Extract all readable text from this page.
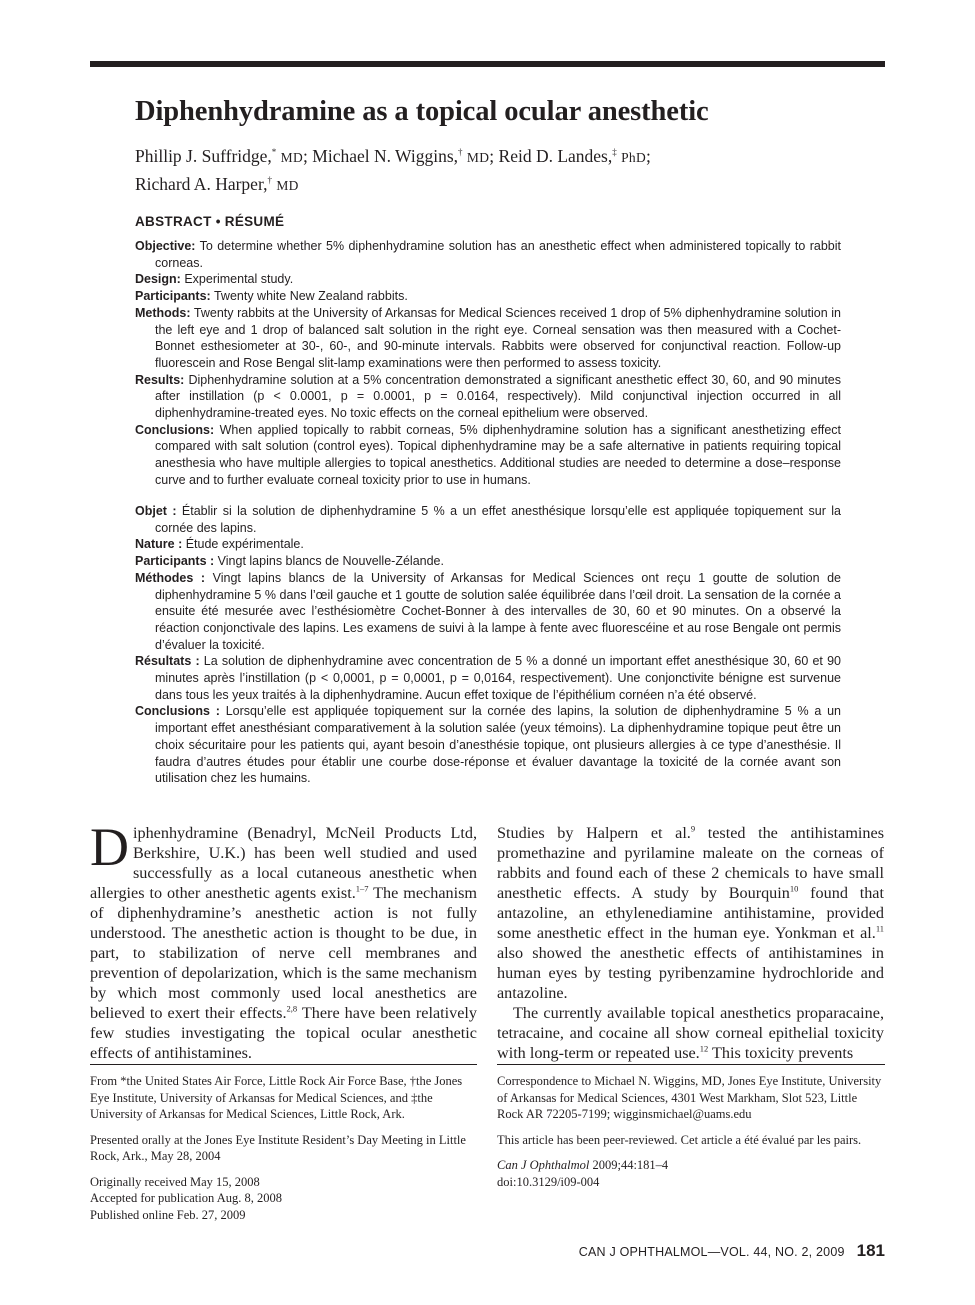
Diphenhydramine as a topical ocular anesthetic
Phillip J. Suffridge,* MD; Michael N. Wiggins,† MD; Reid D. Landes,‡ PhD;
Richard A. Harper,† MD
ABSTRACT • RÉSUMÉ

Objective: To determine whether 5% diphenhydramine solution has an anesthetic effect when administered topically to rabbit corneas.

Design: Experimental study.

Participants: Twenty white New Zealand rabbits.

Methods: Twenty rabbits at the University of Arkansas for Medical Sciences received 1 drop of 5% diphenhydramine solution in the left eye and 1 drop of balanced salt solution in the right eye. Corneal sensation was then measured with a Cochet-Bonnet esthesiometer at 30-, 60-, and 90-minute intervals. Rabbits were observed for conjunctival reaction. Follow-up fluorescein and Rose Bengal slit-lamp examinations were then performed to assess toxicity.

Results: Diphenhydramine solution at a 5% concentration demonstrated a significant anesthetic effect 30, 60, and 90 minutes after instillation (p < 0.0001, p = 0.0001, p = 0.0164, respectively). Mild conjunctival injection occurred in all diphenhydramine-treated eyes. No toxic effects on the corneal epithelium were observed.

Conclusions: When applied topically to rabbit corneas, 5% diphenhydramine solution has a significant anesthetizing effect compared with salt solution (control eyes). Topical diphenhydramine may be a safe alternative in patients requiring topical anesthesia who have multiple allergies to topical anesthetics. Additional studies are needed to determine a dose–response curve and to further evaluate corneal toxicity prior to use in humans.

Objet : Établir si la solution de diphenhydramine 5 % a un effet anesthésique lorsqu’elle est appliquée topiquement sur la cornée des lapins.

Nature : Étude expérimentale.

Participants : Vingt lapins blancs de Nouvelle-Zélande.

Méthodes : Vingt lapins blancs de la University of Arkansas for Medical Sciences ont reçu 1 goutte de solution de diphenhydramine 5 % dans l’œil gauche et 1 goutte de solution salée équilibrée dans l’œil droit. La sensation de la cornée a ensuite été mesurée avec l’esthésiomètre Cochet-Bonner à des intervalles de 30, 60 et 90 minutes. On a observé la réaction conjonctivale des lapins. Les examens de suivi à la lampe à fente avec fluorescéine et au rose Bengale ont permis d’évaluer la toxicité.

Résultats : La solution de diphenhydramine avec concentration de 5 % a donné un important effet anesthésique 30, 60 et 90 minutes après l’instillation (p < 0,0001, p = 0,0001, p = 0,0164, respectivement). Une conjonctivite bénigne est survenue dans tous les yeux traités à la diphenhydramine. Aucun effet toxique de l’épithélium cornéen n’a été observé.

Conclusions : Lorsqu’elle est appliquée topiquement sur la cornée des lapins, la solution de diphenhydramine 5 % a un important effet anesthésiant comparativement à la solution salée (yeux témoins). La diphenhydramine topique peut être un choix sécuritaire pour les patients qui, ayant besoin d’anesthésie topique, ont plusieurs allergies à ce type d’anesthésie. Il faudra d’autres études pour établir une courbe dose-réponse et évaluer davantage la toxicité de la cornée avant son utilisation chez les humains.

Diphenhydramine (Benadryl, McNeil Products Ltd, Berkshire, U.K.) has been well studied and used successfully as a local cutaneous anesthetic when allergies to other anesthetic agents exist.$^{1-7}$ The mechanism of diphenhydramine’s anesthetic action is not fully understood. The anesthetic action is thought to be due, in part, to stabilization of nerve cell membranes and prevention of depolarization, which is the same mechanism by which most commonly used local anesthetics are believed to exert their effects.$^{2,8}$ There have been relatively few studies investigating the topical ocular anesthetic effects of antihistamines.

Studies by Halpern et al.$^9$ tested the antihistamines promethazine and pyrilamine maleate on the corneas of rabbits and found each of these 2 chemicals to have small anesthetic effects. A study by Bourquin$^{10}$ found that antazoline, an ethylenediamine antihistamine, provided some anesthetic effect in the human eye. Yonkman et al.$^{11}$ also showed the anesthetic effects of antihistamines in human eyes by testing pyribenzamine hydrochloride and antazoline.

The currently available topical anesthetics proparacaine, tetracaine, and cocaine all show corneal epithelial toxicity with long-term or repeated use.$^{12}$ This toxicity prevents

From *the United States Air Force, Little Rock Air Force Base, †the Jones Eye Institute, University of Arkansas for Medical Sciences, and ‡the University of Arkansas for Medical Sciences, Little Rock, Ark.

Presented orally at the Jones Eye Institute Resident’s Day Meeting in Little Rock, Ark., May 28, 2004

Originally received May 15, 2008
Accepted for publication Aug. 8, 2008
Published online Feb. 27, 2009

Correspondence to Michael N. Wiggins, MD, Jones Eye Institute, University of Arkansas for Medical Sciences, 4301 West Markham, Slot 523, Little Rock AR 72205-7199; wigginsmichael@uams.edu

This article has been peer-reviewed. Cet article a été évalué par les pairs.

Can J Ophthalmol 2009;44:181–4
doi:10.3129/i09-004

CAN J OPHTHALMOL—VOL. 44, NO. 2, 2009 181
